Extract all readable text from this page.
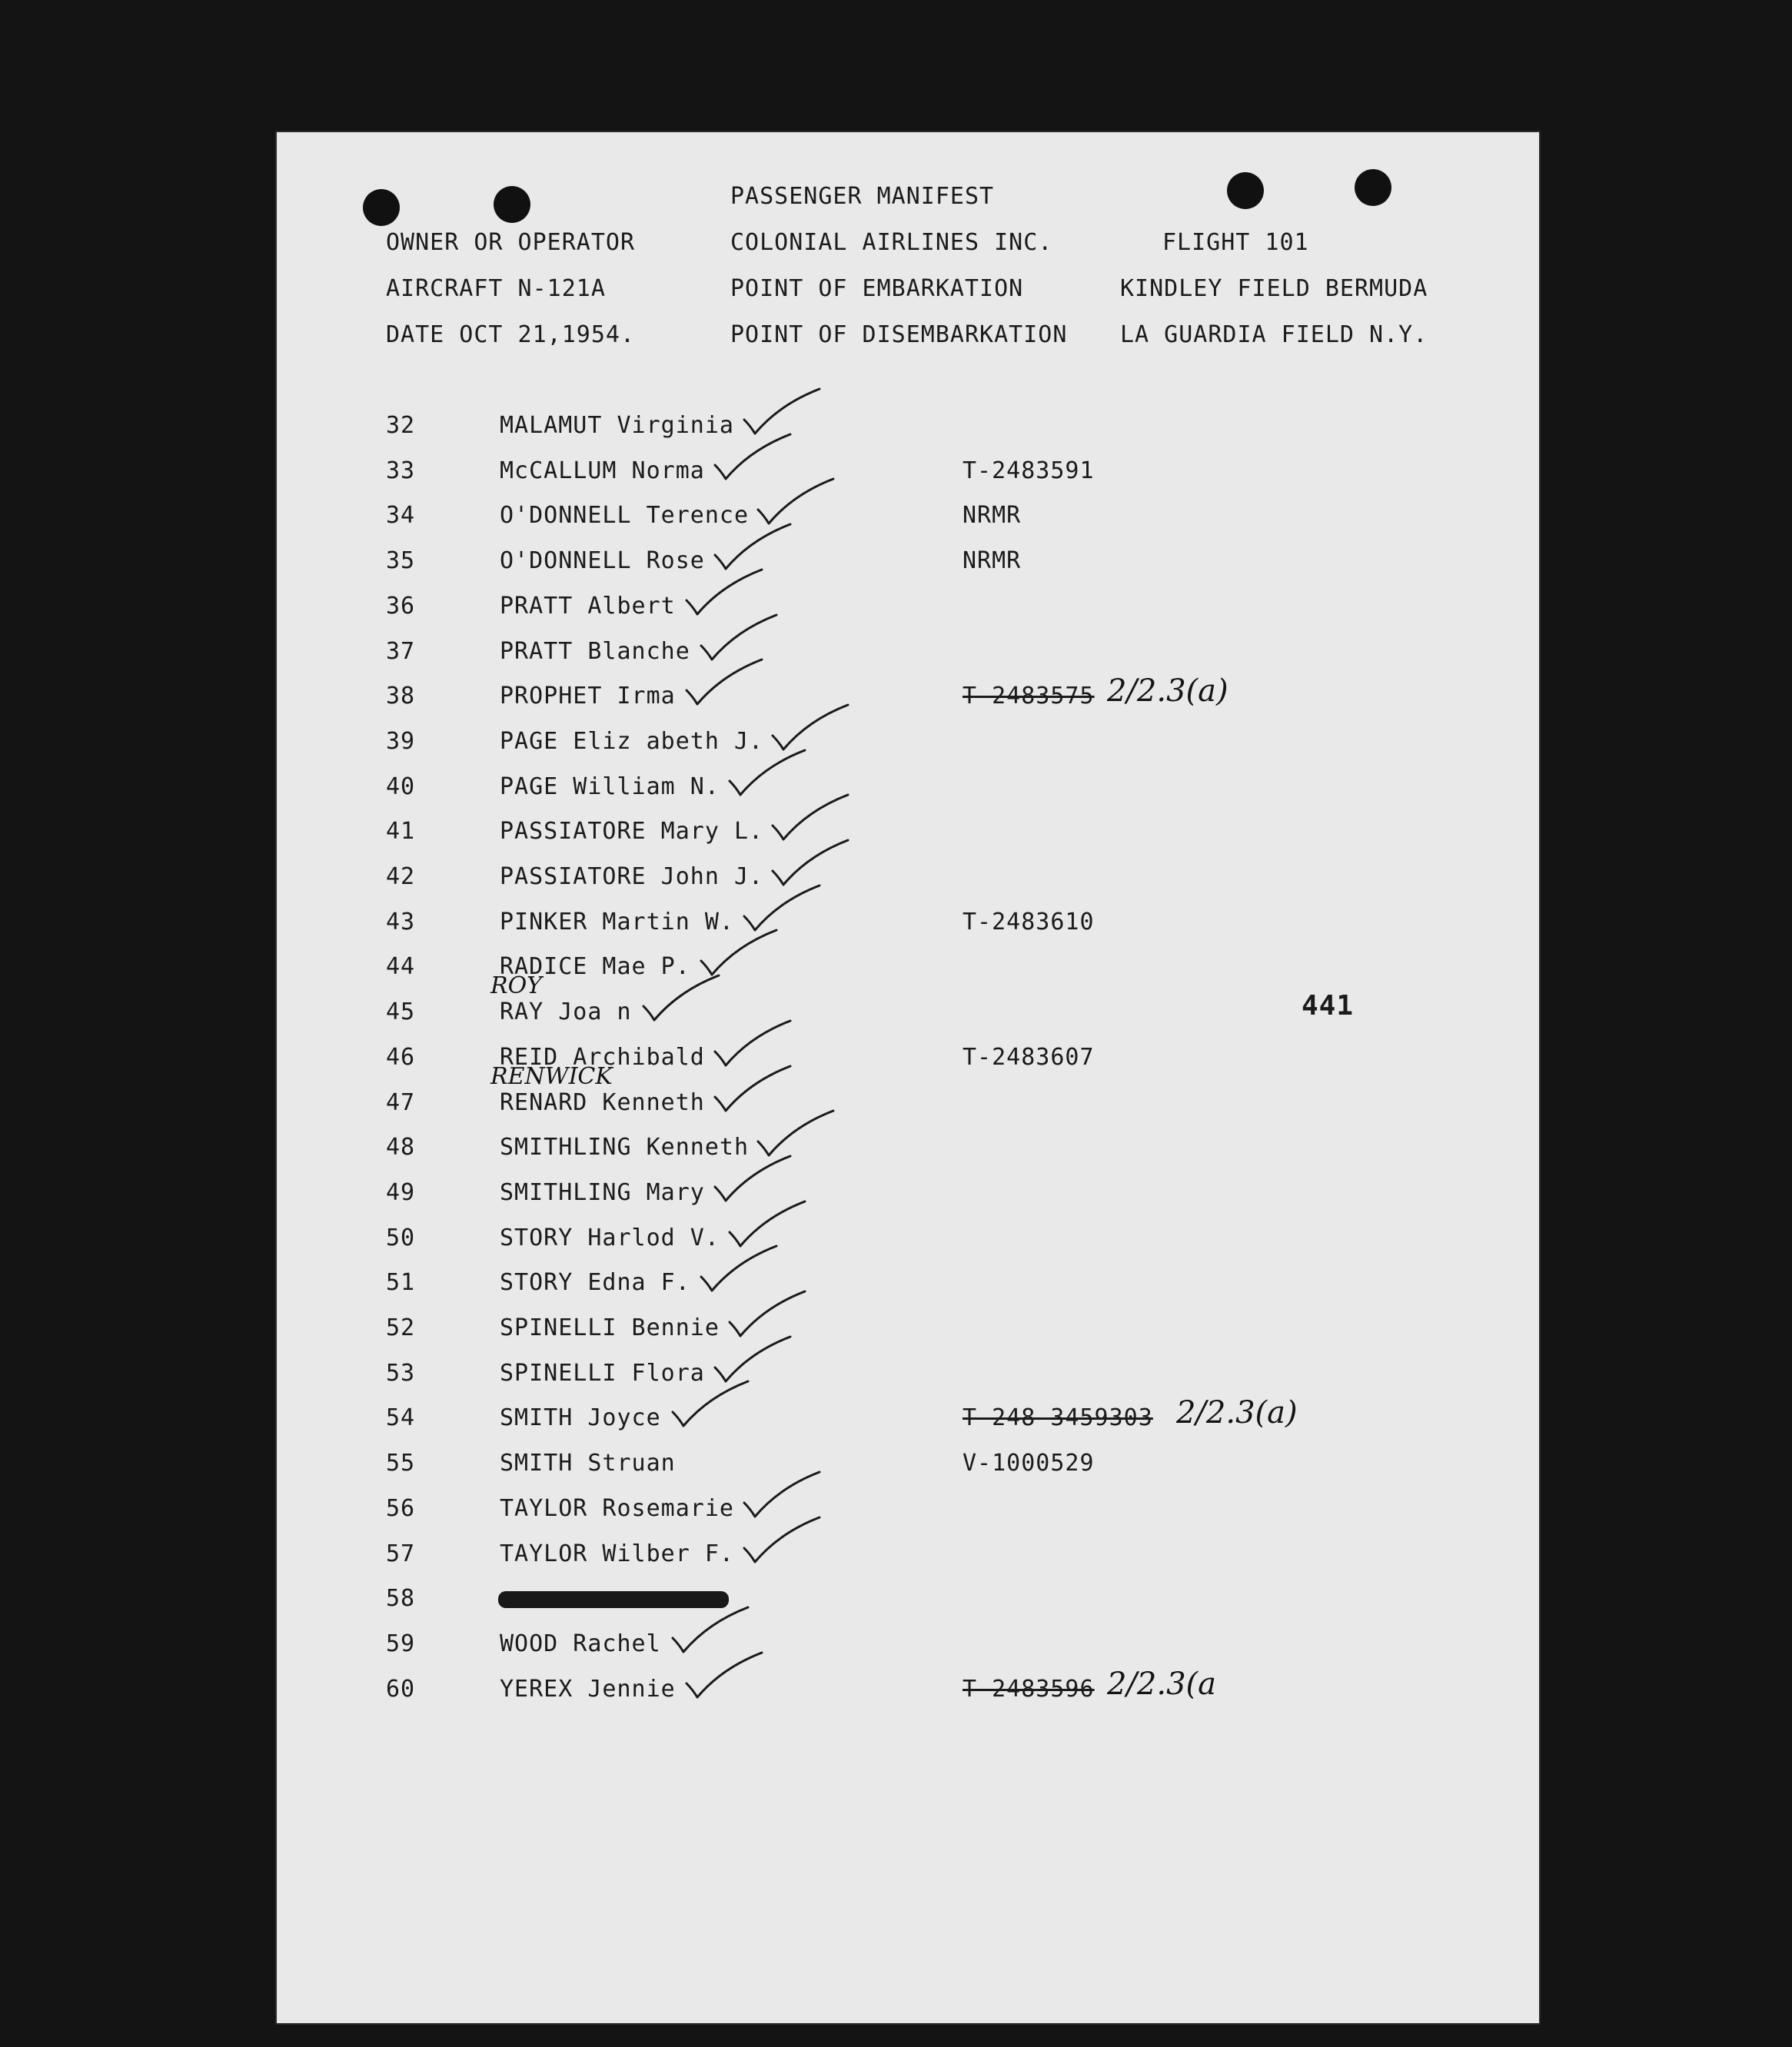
PASSENGER MANIFEST
OWNER OR OPERATOR	COLONIAL AIRLINES INC.	FLIGHT 101
AIRCRAFT N-121A	POINT OF EMBARKATION	KINDLEY FIELD BERMUDA
DATE OCT 21,1954.	POINT OF DISEMBARKATION LA GUARDIA FIELD N.Y.
441
32	MALAMUT Virginia
33	McCALLUM Norma	T-2483591
34	O'DONNELL Terence	NRMR
35	O'DONNELL Rose	NRMR
36	PRATT Albert
37	PRATT Blanche
38	PROPHET Irma	T-2483575 2/2.3(a)
39	PAGE Eliz abeth J.
40	PAGE William N.
41	PASSIATORE Mary L.
42	PASSIATORE John J.
43	PINKER Martin W.	T-2483610
44	RADICE Mae P.
45	RAY Joa n
ROY
46	REID Archibald	T-2483607
47	RENARD Kenneth
RENWICK
48	SMITHLING Kenneth
49	SMITHLING Mary
50	STORY Harlod V.
51	STORY Edna F.
52	SPINELLI Bennie
53	SPINELLI Flora
54	SMITH Joyce	T-248 3459303 2/2.3(a)
55	SMITH Struan	V-1000529
56	TAYLOR Rosemarie
57	TAYLOR Wilber F.
58
59	WOOD Rachel
60	YEREX Jennie	T-2483596 2/2.3(a
